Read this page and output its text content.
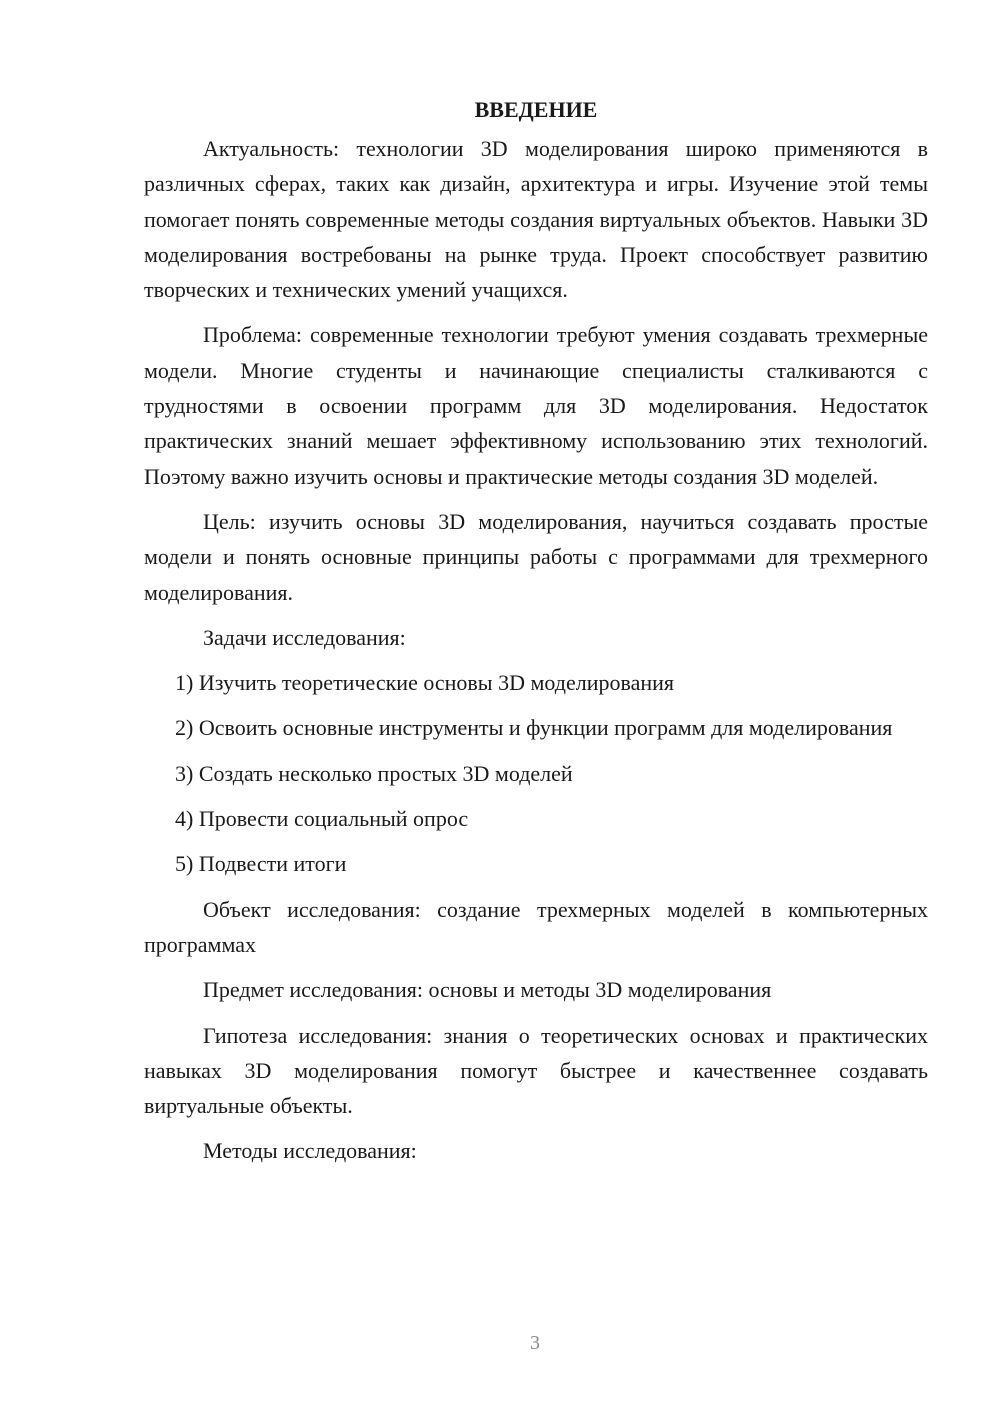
ВВЕДЕНИЕ

Актуальность: технологии 3D моделирования широко применяются в различных сферах, таких как дизайн, архитектура и игры. Изучение этой темы помогает понять современные методы создания виртуальных объектов. Навыки 3D моделирования востребованы на рынке труда. Проект способствует развитию творческих и технических умений учащихся.

Проблема: современные технологии требуют умения создавать трехмерные модели. Многие студенты и начинающие специалисты сталкиваются с трудностями в освоении программ для 3D моделирования. Недостаток практических знаний мешает эффективному использованию этих технологий. Поэтому важно изучить основы и практические методы создания 3D моделей.

Цель: изучить основы 3D моделирования, научиться создавать простые модели и понять основные принципы работы с программами для трехмерного моделирования.

Задачи исследования:

1) Изучить теоретические основы 3D моделирования

2) Освоить основные инструменты и функции программ для моделирования

3) Создать несколько простых 3D моделей

4) Провести социальный опрос

5) Подвести итоги

Объект исследования: создание трехмерных моделей в компьютерных программах

Предмет исследования: основы и методы 3D моделирования

Гипотеза исследования: знания о теоретических основах и практических навыках 3D моделирования помогут быстрее и качественнее создавать виртуальные объекты.

Методы исследования:

3
